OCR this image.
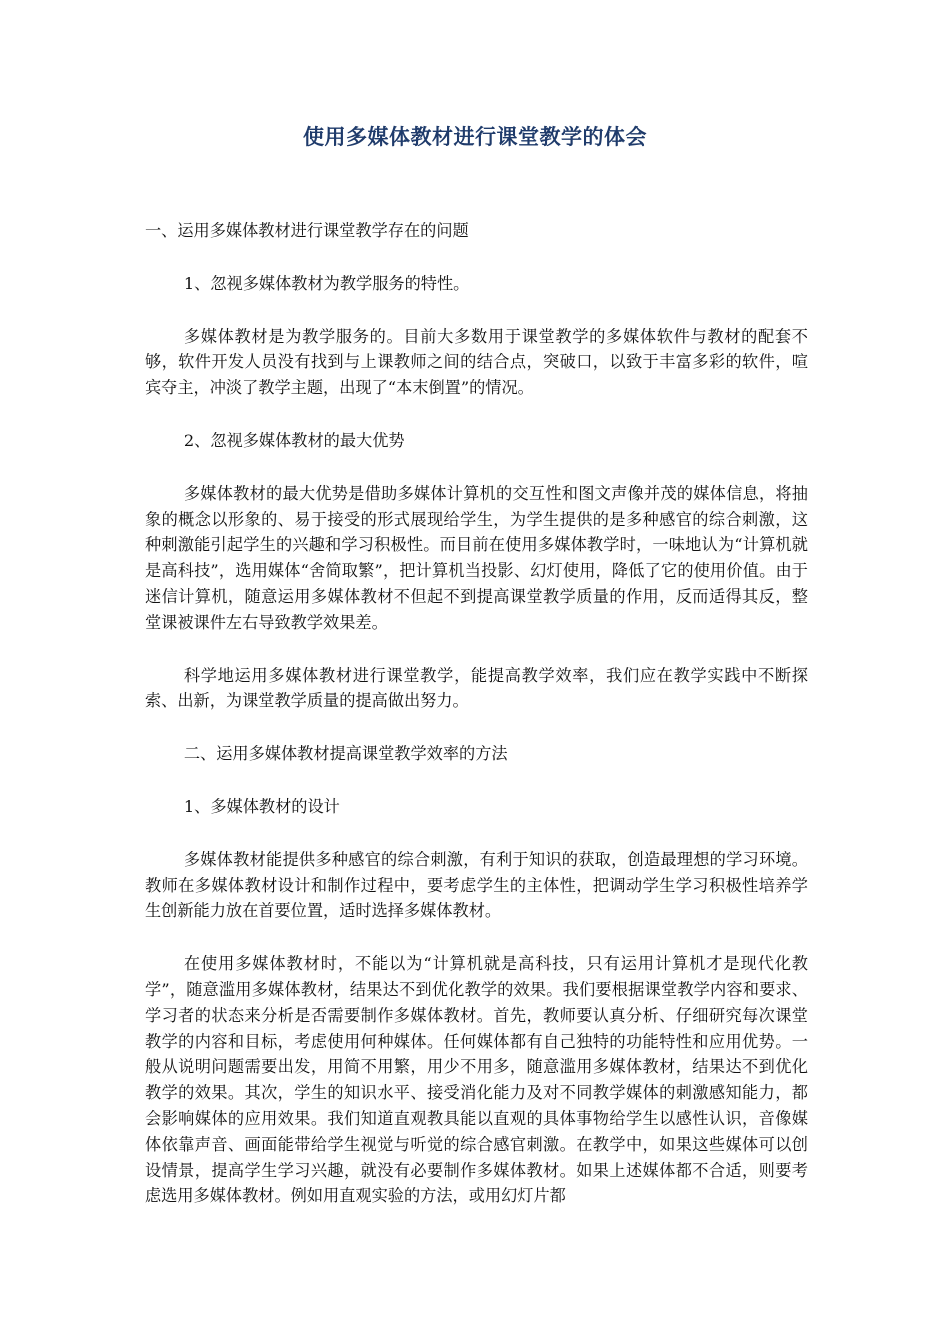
使用多媒体教材进行课堂教学的体会

一、运用多媒体教材进行课堂教学存在的问题

1、忽视多媒体教材为教学服务的特性。

多媒体教材是为教学服务的。目前大多数用于课堂教学的多媒体软件与教材的配套不够，软件开发人员没有找到与上课教师之间的结合点，突破口，以致于丰富多彩的软件，喧宾夺主，冲淡了教学主题，出现了“本末倒置”的情况。

2、忽视多媒体教材的最大优势

多媒体教材的最大优势是借助多媒体计算机的交互性和图文声像并茂的媒体信息，将抽象的概念以形象的、易于接受的形式展现给学生，为学生提供的是多种感官的综合刺激，这种刺激能引起学生的兴趣和学习积极性。而目前在使用多媒体教学时，一味地认为“计算机就是高科技”，选用媒体“舍简取繁”，把计算机当投影、幻灯使用，降低了它的使用价值。由于迷信计算机，随意运用多媒体教材不但起不到提高课堂教学质量的作用，反而适得其反，整堂课被课件左右导致教学效果差。

科学地运用多媒体教材进行课堂教学，能提高教学效率，我们应在教学实践中不断探索、出新，为课堂教学质量的提高做出努力。

二、运用多媒体教材提高课堂教学效率的方法

1、多媒体教材的设计

多媒体教材能提供多种感官的综合刺激，有利于知识的获取，创造最理想的学习环境。教师在多媒体教材设计和制作过程中，要考虑学生的主体性，把调动学生学习积极性培养学生创新能力放在首要位置，适时选择多媒体教材。

在使用多媒体教材时，不能以为“计算机就是高科技，只有运用计算机才是现代化教学”，随意滥用多媒体教材，结果达不到优化教学的效果。我们要根据课堂教学内容和要求、学习者的状态来分析是否需要制作多媒体教材。首先，教师要认真分析、仔细研究每次课堂教学的内容和目标，考虑使用何种媒体。任何媒体都有自己独特的功能特性和应用优势。一般从说明问题需要出发，用简不用繁，用少不用多，随意滥用多媒体教材，结果达不到优化教学的效果。其次，学生的知识水平、接受消化能力及对不同教学媒体的刺激感知能力，都会影响媒体的应用效果。我们知道直观教具能以直观的具体事物给学生以感性认识，音像媒体依靠声音、画面能带给学生视觉与听觉的综合感官刺激。在教学中，如果这些媒体可以创设情景，提高学生学习兴趣，就没有必要制作多媒体教材。如果上述媒体都不合适，则要考虑选用多媒体教材。例如用直观实验的方法，或用幻灯片都
